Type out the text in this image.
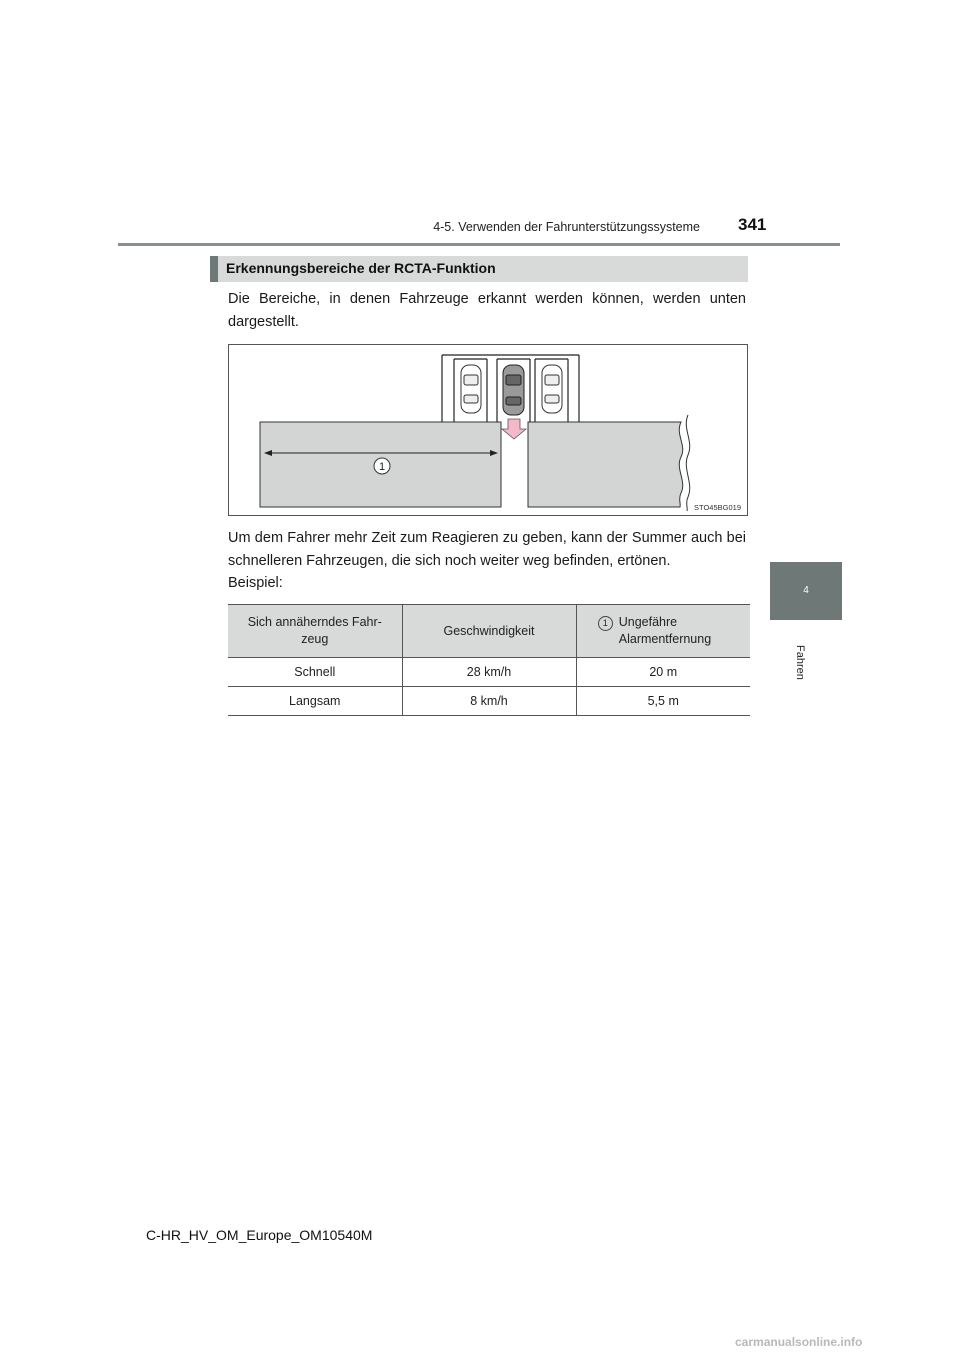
4-5. Verwenden der Fahrunterstützungssysteme 341
4
Fahren
Erkennungsbereiche der RCTA-Funktion
Die Bereiche, in denen Fahrzeuge erkannt werden können, werden unten dargestellt.
1
STO45BG019
Um dem Fahrer mehr Zeit zum Reagieren zu geben, kann der Summer auch bei schnelleren Fahrzeugen, die sich noch weiter weg befinden, ertönen.
Beispiel:
Sich annäherndes Fahr-zeug	Geschwindigkeit	1 Ungefähre Alarmentfernung

Schnell	28 km/h	20 m
Langsam	8 km/h	5,5 m
C-HR_HV_OM_Europe_OM10540M
carmanualsonline.info
